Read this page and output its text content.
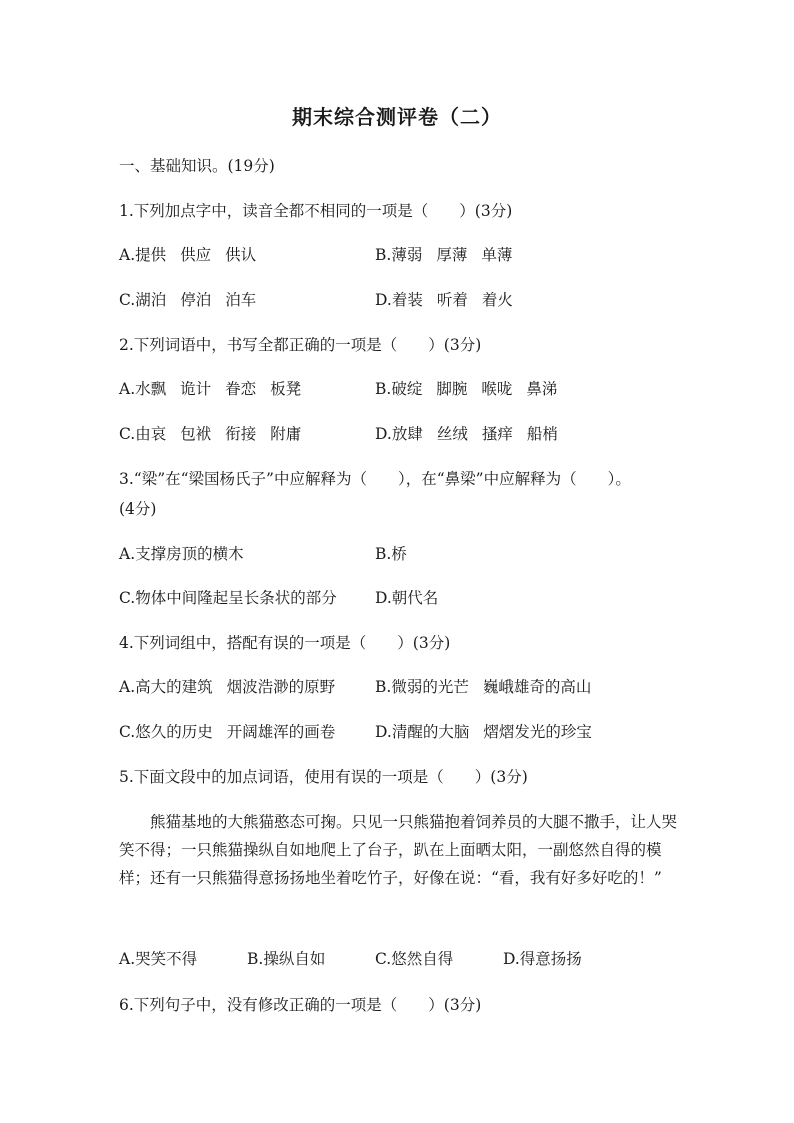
期末综合测评卷（二）
一、基础知识。(19分)
1.下列加点字中，读音全都不相同的一项是（　　）(3分)
A.提供 供应 供认	B.薄弱 厚薄 单薄
C.湖泊 停泊 泊车	D.着装 听着 着火
2.下列词语中，书写全都正确的一项是（　　）(3分)
A.水飘 诡计 眷恋 板凳	B.破绽 脚腕 喉咙 鼻涕
C.由哀 包袱 衔接 附庸	D.放肆 丝绒 搔痒 船梢
3.“梁”在“梁国杨氏子”中应解释为（　　），在“鼻梁”中应解释为（　　）。
(4分)
A.支撑房顶的横木	B.桥
C.物体中间隆起呈长条状的部分 D.朝代名
4.下列词组中，搭配有误的一项是（　　）(3分)
A.高大的建筑 烟波浩渺的原野	B.微弱的光芒 巍峨雄奇的高山
C.悠久的历史 开阔雄浑的画卷	D.清醒的大脑 熠熠发光的珍宝
5.下面文段中的加点词语，使用有误的一项是（　　）(3分)
熊猫基地的大熊猫憨态可掬。只见一只熊猫抱着饲养员的大腿不撒手，让人哭笑不得；一只熊猫操纵自如地爬上了台子，趴在上面晒太阳，一副悠然自得的模样；还有一只熊猫得意扬扬地坐着吃竹子，好像在说：“看，我有好多好吃的！”
A.哭笑不得	B.操纵自如	C.悠然自得	D.得意扬扬
6.下列句子中，没有修改正确的一项是（　　）(3分)
